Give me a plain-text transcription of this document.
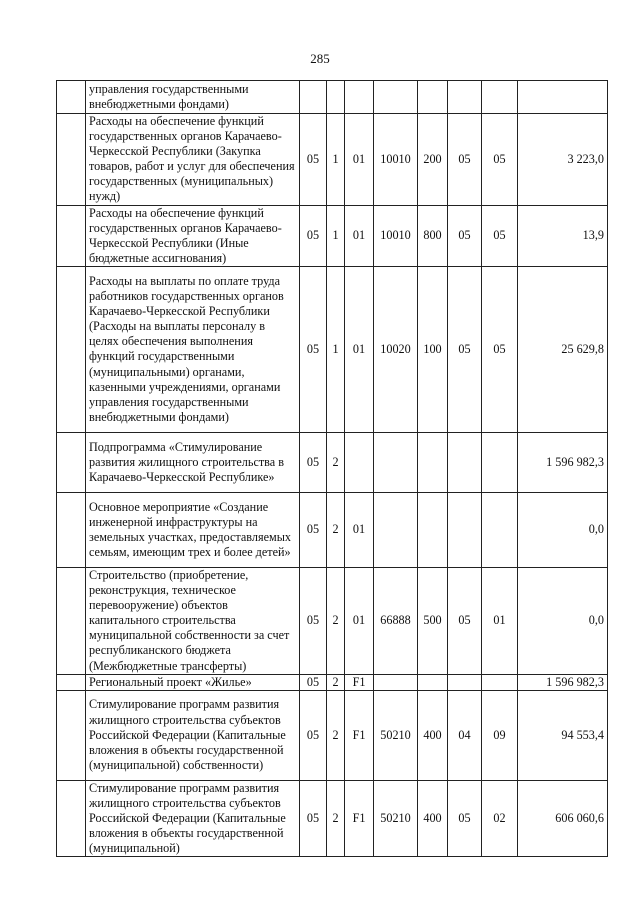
285
	управления государственными внебюджетными фондами)								
	Расходы на обеспечение функций государственных органов Карачаево-Черкесской Республики (Закупка товаров, работ и услуг для обеспечения государственных (муниципальных) нужд)	05	1	01	10010	200	05	05	3 223,0
	Расходы на обеспечение функций государственных органов Карачаево-Черкесской Республики (Иные бюджетные ассигнования)	05	1	01	10010	800	05	05	13,9
	Расходы на выплаты по оплате труда работников государственных органов Карачаево-Черкесской Республики (Расходы на выплаты персоналу в целях обеспечения выполнения функций государственными (муниципальными) органами, казенными учреждениями, органами управления государственными внебюджетными фондами)	05	1	01	10020	100	05	05	25 629,8
	Подпрограмма «Стимулирование развития жилищного строительства в Карачаево-Черкесской Республике»	05	2						1 596 982,3
	Основное мероприятие «Создание инженерной инфраструктуры на земельных участках, предоставляемых семьям, имеющим трех и более детей»	05	2	01					0,0
	Строительство (приобретение, реконструкция, техническое перевооружение) объектов капитального строительства муниципальной собственности за счет республиканского бюджета (Межбюджетные трансферты)	05	2	01	66888	500	05	01	0,0
	Региональный проект «Жилье»	05	2	F1					1 596 982,3
	Стимулирование программ развития жилищного строительства субъектов Российской Федерации (Капитальные вложения в объекты государственной (муниципальной) собственности)	05	2	F1	50210	400	04	09	94 553,4
	Стимулирование программ развития жилищного строительства субъектов Российской Федерации (Капитальные вложения в объекты государственной (муниципальной)	05	2	F1	50210	400	05	02	606 060,6
